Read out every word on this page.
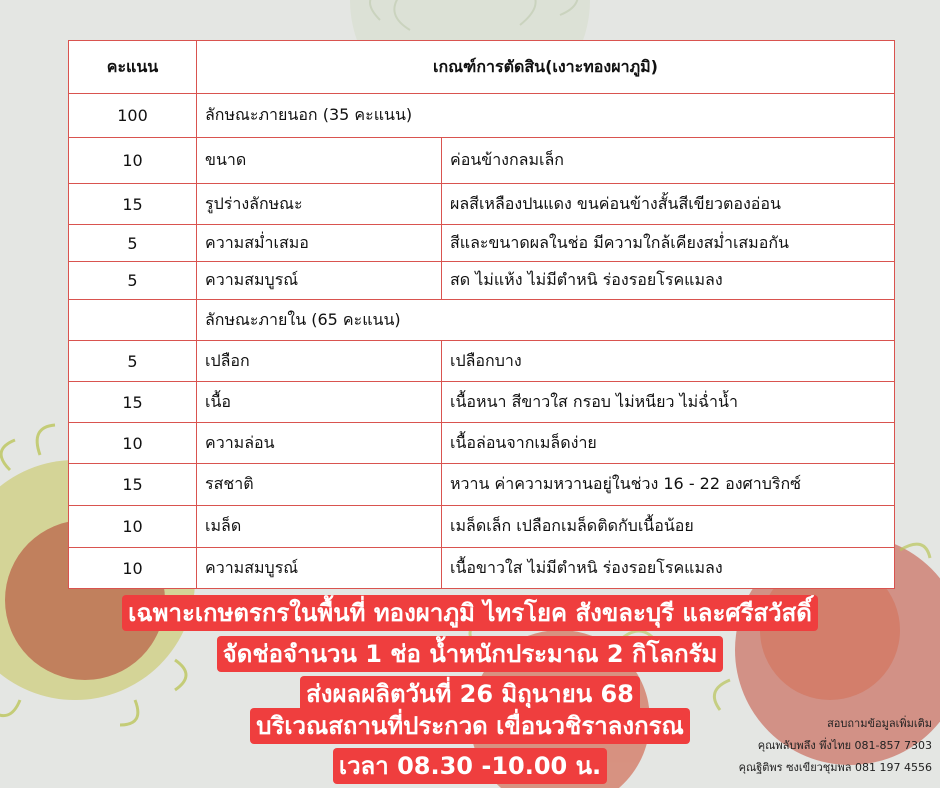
คะแนน	เกณฑ์การตัดสิน(เงาะทองผาภูมิ)	
100	ลักษณะภายนอก (35 คะแนน)	
10	ขนาด	ค่อนข้างกลมเล็ก
15	รูปร่างลักษณะ	ผลสีเหลืองปนแดง ขนค่อนข้างสั้นสีเขียวตองอ่อน
5	ความสม่ำเสมอ	สีและขนาดผลในช่อ มีความใกล้เคียงสม่ำเสมอกัน
5	ความสมบูรณ์	สด ไม่แห้ง ไม่มีตำหนิ ร่องรอยโรคแมลง
	ลักษณะภายใน (65 คะแนน)	
5	เปลือก	เปลือกบาง
15	เนื้อ	เนื้อหนา สีขาวใส กรอบ ไม่หนียว ไม่ฉ่ำน้ำ
10	ความล่อน	เนื้อล่อนจากเมล็ดง่าย
15	รสชาติ	หวาน ค่าความหวานอยู่ในช่วง 16 - 22 องศาบริกซ์
10	เมล็ด	เมล็ดเล็ก เปลือกเมล็ดติดกับเนื้อน้อย
10	ความสมบูรณ์	เนื้อขาวใส ไม่มีตำหนิ ร่องรอยโรคแมลง
เฉพาะเกษตรกรในพื้นที่ ทองผาภูมิ ไทรโยค สังขละบุรี และศรีสวัสดิ์
จัดช่อจำนวน 1 ช่อ น้ำหนักประมาณ 2 กิโลกรัม
ส่งผลผลิตวันที่ 26 มิถุนายน 68
บริเวณสถานที่ประกวด เขื่อนวชิราลงกรณ
เวลา 08.30 -10.00 น.
สอบถามข้อมูลเพิ่มเติม
คุณพลับพลึง พึ่งไทย 081-857 7303
คุณฐิติพร ซงเขียวชุมพล 081 197 4556
